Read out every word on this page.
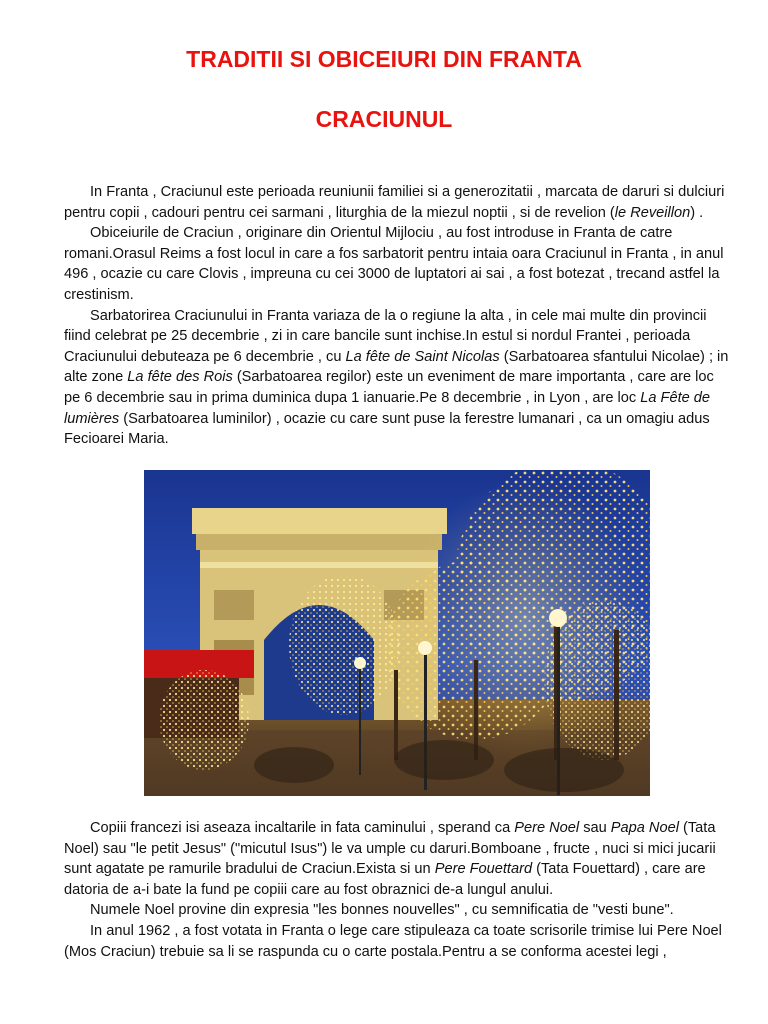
TRADITII SI OBICEIURI DIN FRANTA
CRACIUNUL

In Franta , Craciunul este perioada reuniunii familiei si a generozitatii , marcata de daruri si dulciuri pentru copii , cadouri pentru cei sarmani , liturghia de la miezul noptii , si de revelion (le Reveillon) .

Obiceiurile de Craciun , originare din Orientul Mijlociu , au fost introduse in Franta de catre romani.Orasul Reims a fost locul in care a fos sarbatorit pentru intaia oara Craciunul in Franta , in anul 496 , ocazie cu care Clovis , impreuna cu cei 3000 de luptatori ai sai , a fost botezat , trecand astfel la crestinism.

Sarbatorirea Craciunului in Franta variaza de la o regiune la alta , in cele mai multe din provincii fiind celebrat pe 25 decembrie , zi in care bancile sunt inchise.In estul si nordul Frantei , perioada Craciunului debuteaza pe 6 decembrie , cu La fête de Saint Nicolas (Sarbatoarea sfantului Nicolae) ; in alte zone La fête des Rois (Sarbatoarea regilor) este un eveniment de mare importanta , care are loc pe 6 decembrie sau in prima duminica dupa 1 ianuarie.Pe 8 decembrie , in Lyon , are loc La Fête de lumières (Sarbatoarea luminilor) , ocazie cu care sunt puse la ferestre lumanari , ca un omagiu adus Fecioarei Maria.

Copiii francezi isi aseaza incaltarile in fata caminului , sperand ca Pere Noel sau Papa Noel (Tata Noel) sau "le petit Jesus" ("micutul Isus") le va umple cu daruri.Bomboane , fructe , nuci si mici jucarii sunt agatate pe ramurile bradului de Craciun.Exista si un Pere Fouettard (Tata Fouettard) , care are datoria de a-i bate la fund pe copiii care au fost obraznici de-a lungul anului.

Numele Noel provine din expresia "les bonnes nouvelles" , cu semnificatia de "vesti bune".

In anul 1962 , a fost votata in Franta o lege care stipuleaza ca toate scrisorile trimise lui Pere Noel (Mos Craciun) trebuie sa li se raspunda cu o carte postala.Pentru a se conforma acestei legi ,
